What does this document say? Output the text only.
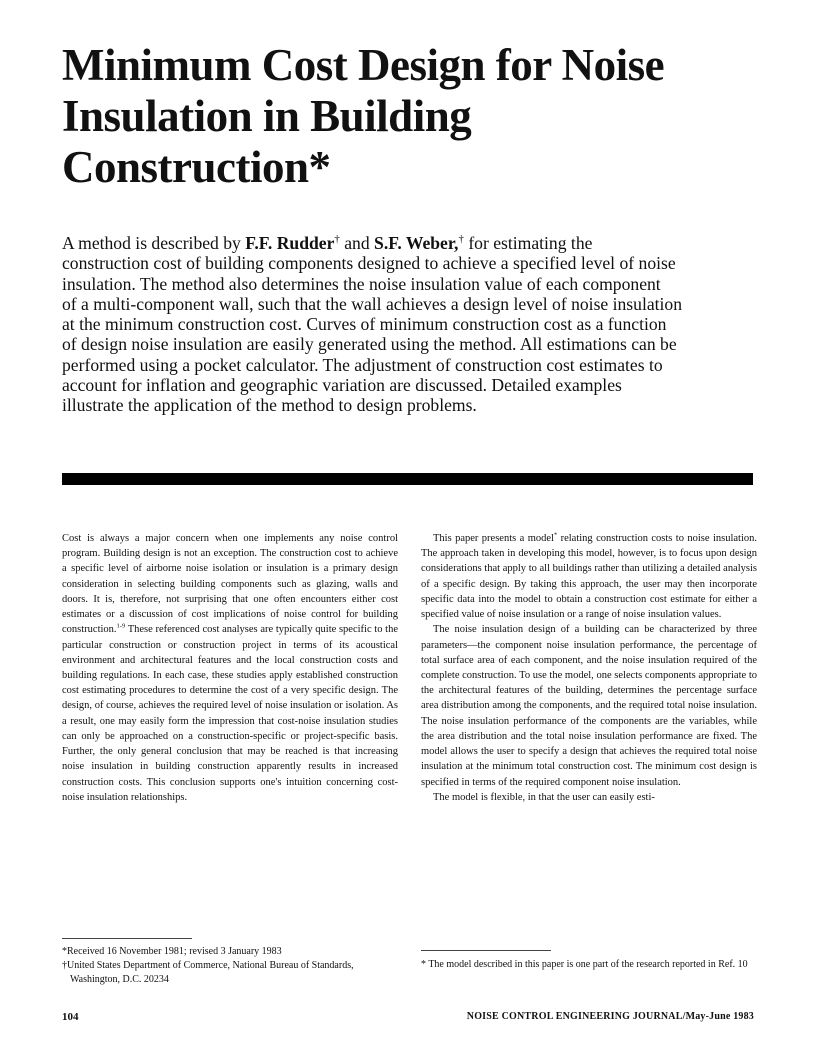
Minimum Cost Design for Noise
Insulation in Building
Construction*
A method is described by F.F. Rudder† and S.F. Weber,† for estimating the
construction cost of building components designed to achieve a specified level of noise
insulation. The method also determines the noise insulation value of each component
of a multi-component wall, such that the wall achieves a design level of noise insulation
at the minimum construction cost. Curves of minimum construction cost as a function
of design noise insulation are easily generated using the method. All estimations can be
performed using a pocket calculator. The adjustment of construction cost estimates to
account for inflation and geographic variation are discussed. Detailed examples
illustrate the application of the method to design problems.

Cost is always a major concern when one implements any noise control program. Building design is not an exception. The construction cost to achieve a specific level of airborne noise isolation or insulation is a primary design consideration in selecting building components such as glazing, walls and doors. It is, therefore, not surprising that one often encounters either cost estimates or a discussion of cost implications of noise control for building construction.$^{1-9}$ These referenced cost analyses are typically quite specific to the particular construction or construction project in terms of its acoustical environment and architectural features and the local construction costs and building regulations. In each case, these studies apply established construction cost estimating procedures to determine the cost of a very specific design. The design, of course, achieves the required level of noise insulation or isolation. As a result, one may easily form the impression that cost-noise insulation studies can only be approached on a construction-specific or project-specific basis. Further, the only general conclusion that may be reached is that increasing noise insulation in building construction apparently results in increased construction costs. This conclusion supports one's intuition concerning cost-noise insulation relationships.

This paper presents a model* relating construction costs to noise insulation. The approach taken in developing this model, however, is to focus upon design considerations that apply to all buildings rather than utilizing a detailed analysis of a specific design. By taking this approach, the user may then incorporate specific data into the model to obtain a construction cost estimate for either a specified value of noise insulation or a range of noise insulation values.

The noise insulation design of a building can be characterized by three parameters—the component noise insulation performance, the percentage of total surface area of each component, and the noise insulation required of the complete construction. To use the model, one selects components appropriate to the architectural features of the building, determines the percentage surface area distribution among the components, and the required total noise insulation. The noise insulation performance of the components are the variables, while the area distribution and the total noise insulation performance are fixed. The model allows the user to specify a design that achieves the required total noise insulation at the minimum total construction cost. The minimum cost design is specified in terms of the required component noise insulation.

The model is flexible, in that the user can easily esti-

*Received 16 November 1981; revised 3 January 1983

†United States Department of Commerce, National Bureau of Standards, Washington, D.C. 20234

* The model described in this paper is one part of the research reported in Ref. 10

104	NOISE CONTROL ENGINEERING JOURNAL/May-June 1983
